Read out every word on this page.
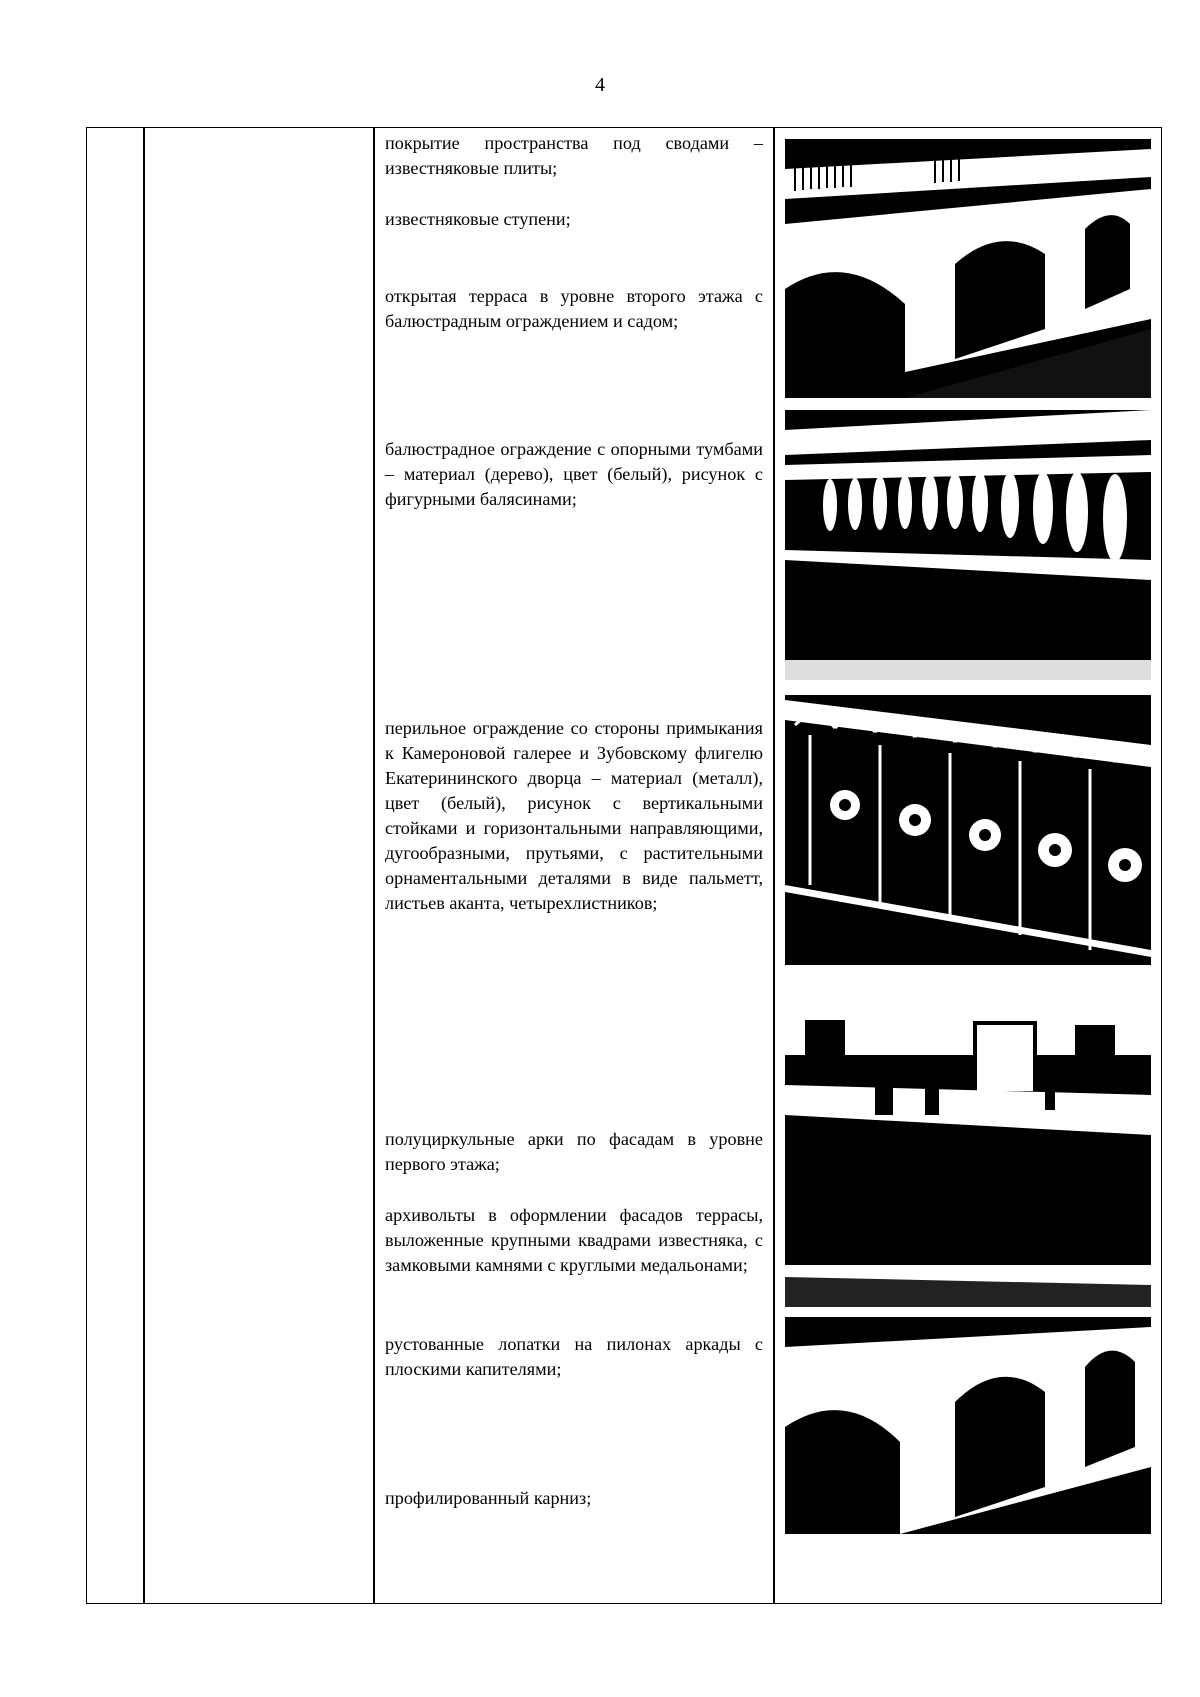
4
покрытие пространства под сводами – известняковые плиты;
известняковые ступени;
открытая терраса в уровне второго этажа с балюстрадным ограждением и садом;
балюстрадное ограждение с опорными тумбами – материал (дерево), цвет (белый), рисунок с фигурными балясинами;
перильное ограждение со стороны примыкания к Камероновой галерее и Зубовскому флигелю Екатерининского дворца – материал (металл), цвет (белый), рисунок с вертикальными стойками и горизонтальными направляющими, дугообразными, прутьями, с растительными орнаментальными деталями в виде пальметт, листьев аканта, четырехлистников;
полуциркульные арки по фасадам в уровне первого этажа;
архивольты в оформлении фасадов террасы, выложенные крупными квадрами известняка, с замковыми камнями с круглыми медальонами;
рустованные лопатки на пилонах аркады с плоскими капителями;
профилированный карниз;
